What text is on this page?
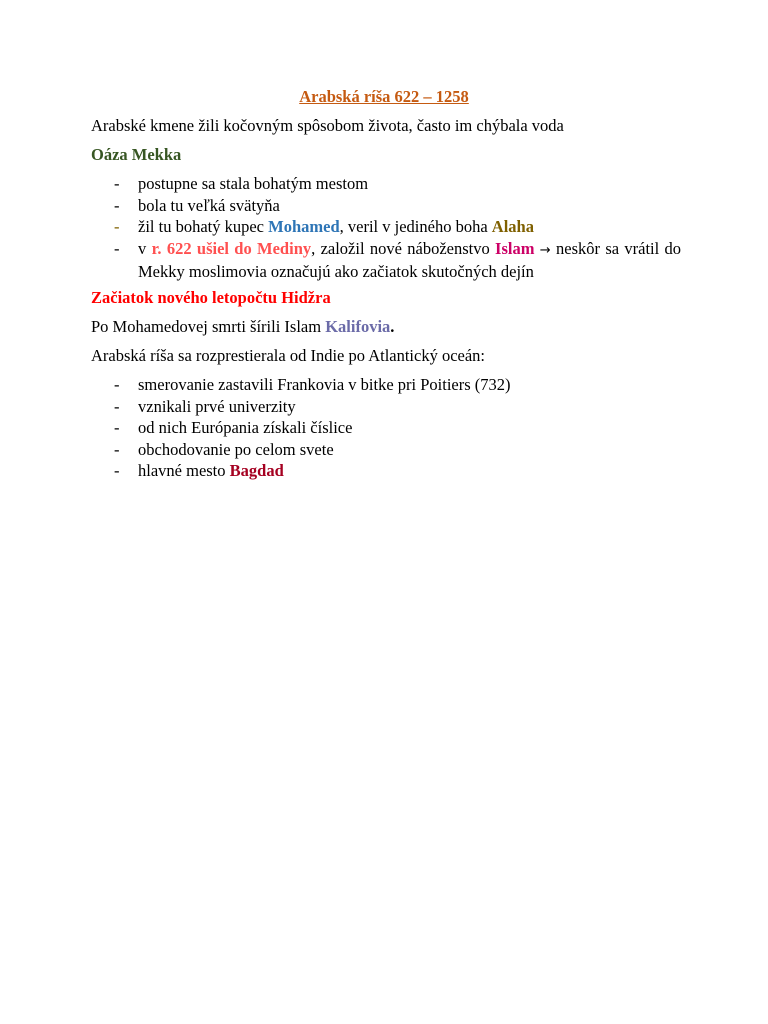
Arabská ríša 622 – 1258
Arabské kmene žili kočovným spôsobom života, často im chýbala voda
Oáza Mekka
- postupne sa stala bohatým mestom
- bola tu veľká svätyňa
- žil tu bohatý kupec Mohamed, veril v jediného boha Alaha
- v r. 622 ušiel do Mediny, založil nové náboženstvo Islam → neskôr sa vrátil do Mekky moslimovia označujú ako začiatok skutočných dejín
Začiatok nového letopočtu Hidžra
Po Mohamedovej smrti šírili Islam Kalifovia.
Arabská ríša sa rozprestierala od Indie po Atlantický oceán:
- smerovanie zastavili Frankovia v bitke pri Poitiers (732)
- vznikali prvé univerzity
- od nich Európania získali číslice
- obchodovanie po celom svete
- hlavné mesto Bagdad
